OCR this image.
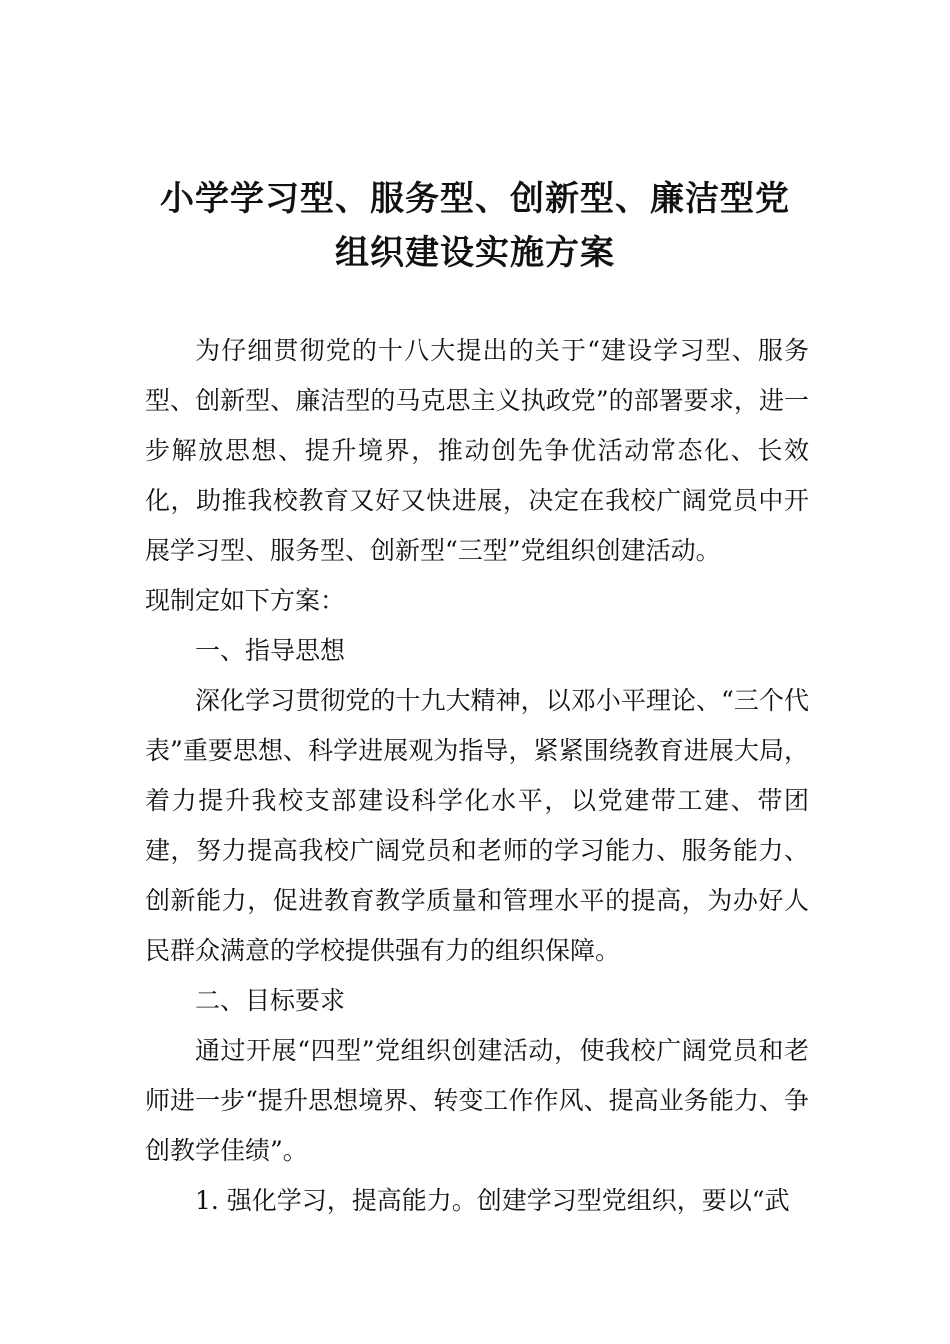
小学学习型、服务型、创新型、廉洁型党
组织建设实施方案

为仔细贯彻党的十八大提出的关于“建设学习型、服务型、创新型、廉洁型的马克思主义执政党”的部署要求，进一步解放思想、提升境界，推动创先争优活动常态化、长效化，助推我校教育又好又快进展，决定在我校广阔党员中开展学习型、服务型、创新型“三型”党组织创建活动。

现制定如下方案：

一、指导思想

深化学习贯彻党的十九大精神，以邓小平理论、“三个代表”重要思想、科学进展观为指导，紧紧围绕教育进展大局，着力提升我校支部建设科学化水平，以党建带工建、带团建，努力提高我校广阔党员和老师的学习能力、服务能力、创新能力，促进教育教学质量和管理水平的提高，为办好人民群众满意的学校提供强有力的组织保障。

二、目标要求

通过开展“四型”党组织创建活动，使我校广阔党员和老师进一步“提升思想境界、转变工作作风、提高业务能力、争创教学佳绩”。

1. 强化学习，提高能力。创建学习型党组织，要以“武
